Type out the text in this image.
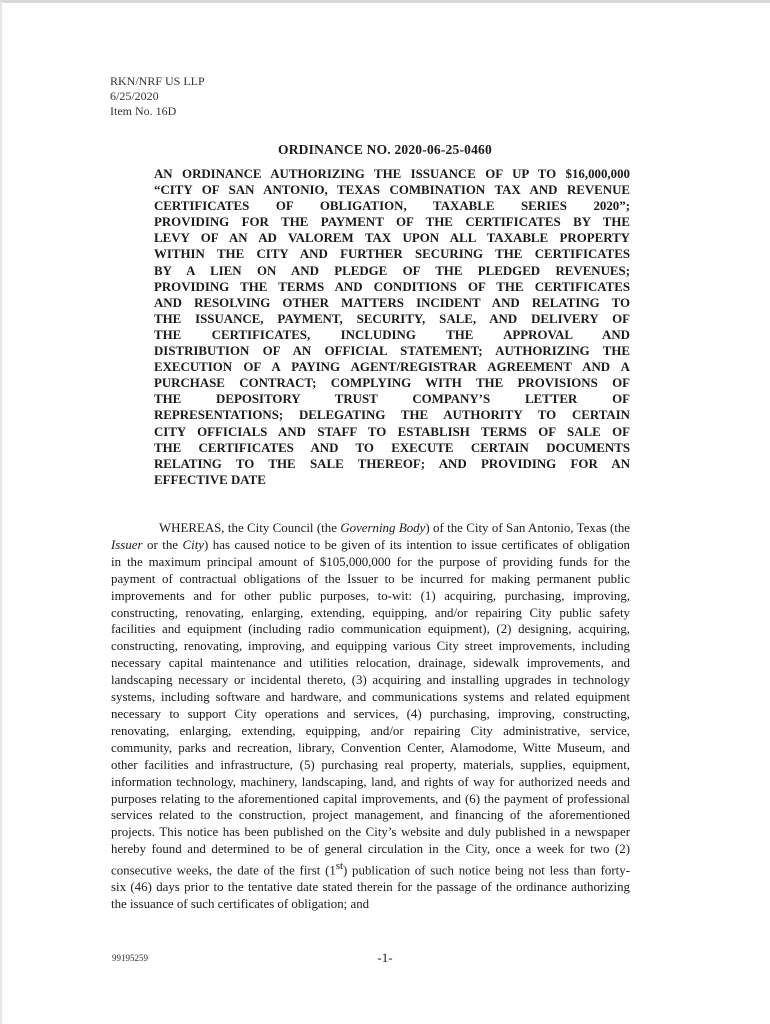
RKN/NRF US LLP
6/25/2020
Item No. 16D
ORDINANCE NO. 2020-06-25-0460
AN ORDINANCE AUTHORIZING THE ISSUANCE OF UP TO $16,000,000
“CITY OF SAN ANTONIO, TEXAS COMBINATION TAX AND REVENUE
CERTIFICATES OF OBLIGATION, TAXABLE SERIES 2020”;
PROVIDING FOR THE PAYMENT OF THE CERTIFICATES BY THE
LEVY OF AN AD VALOREM TAX UPON ALL TAXABLE PROPERTY
WITHIN THE CITY AND FURTHER SECURING THE CERTIFICATES
BY A LIEN ON AND PLEDGE OF THE PLEDGED REVENUES;
PROVIDING THE TERMS AND CONDITIONS OF THE CERTIFICATES
AND RESOLVING OTHER MATTERS INCIDENT AND RELATING TO
THE ISSUANCE, PAYMENT, SECURITY, SALE, AND DELIVERY OF
THE CERTIFICATES, INCLUDING THE APPROVAL AND
DISTRIBUTION OF AN OFFICIAL STATEMENT; AUTHORIZING THE
EXECUTION OF A PAYING AGENT/REGISTRAR AGREEMENT AND A
PURCHASE CONTRACT; COMPLYING WITH THE PROVISIONS OF
THE DEPOSITORY TRUST COMPANY’S LETTER OF
REPRESENTATIONS; DELEGATING THE AUTHORITY TO CERTAIN
CITY OFFICIALS AND STAFF TO ESTABLISH TERMS OF SALE OF
THE CERTIFICATES AND TO EXECUTE CERTAIN DOCUMENTS
RELATING TO THE SALE THEREOF; AND PROVIDING FOR AN
EFFECTIVE DATE
WHEREAS, the City Council (the Governing Body) of the City of San Antonio, Texas (the
Issuer or the City) has caused notice to be given of its intention to issue certificates of obligation
in the maximum principal amount of $105,000,000 for the purpose of providing funds for the
payment of contractual obligations of the Issuer to be incurred for making permanent public
improvements and for other public purposes, to-wit: (1) acquiring, purchasing, improving,
constructing, renovating, enlarging, extending, equipping, and/or repairing City public safety
facilities and equipment (including radio communication equipment), (2) designing, acquiring,
constructing, renovating, improving, and equipping various City street improvements, including
necessary capital maintenance and utilities relocation, drainage, sidewalk improvements, and
landscaping necessary or incidental thereto, (3) acquiring and installing upgrades in technology
systems, including software and hardware, and communications systems and related equipment
necessary to support City operations and services, (4) purchasing, improving, constructing,
renovating, enlarging, extending, equipping, and/or repairing City administrative, service,
community, parks and recreation, library, Convention Center, Alamodome, Witte Museum, and
other facilities and infrastructure, (5) purchasing real property, materials, supplies, equipment,
information technology, machinery, landscaping, land, and rights of way for authorized needs and
purposes relating to the aforementioned capital improvements, and (6) the payment of professional
services related to the construction, project management, and financing of the aforementioned
projects. This notice has been published on the City’s website and duly published in a newspaper
hereby found and determined to be of general circulation in the City, once a week for two (2)
consecutive weeks, the date of the first (1st) publication of such notice being not less than forty-
six (46) days prior to the tentative date stated therein for the passage of the ordinance authorizing
the issuance of such certificates of obligation; and
99195259	-1-
